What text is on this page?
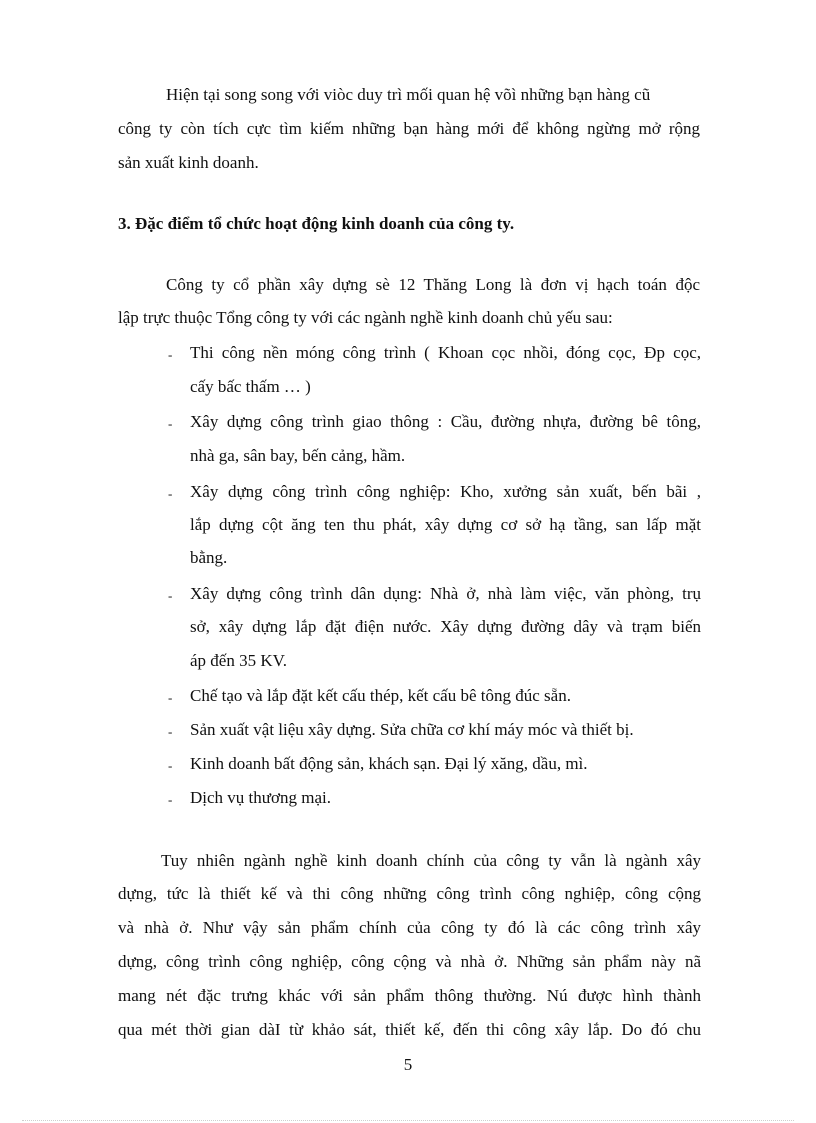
Hiện tại song song với viòc duy trì mối quan hệ võì những bạn hàng cũ
công ty còn tích cực tìm kiếm những bạn hàng mới để không ngừng mở rộng
sản xuất kinh doanh.
3. Đặc điểm tổ chức hoạt động kinh doanh của công ty.
Công ty cổ phần xây dựng sè 12 Thăng Long là đơn vị hạch toán độc
lập trực thuộc Tổng công ty với các ngành nghề kinh doanh chủ yếu sau:
- Thi công nền móng công trình ( Khoan cọc nhồi, đóng cọc, Đp cọc,
cấy bấc thấm … )
- Xây dựng công trình giao thông : Cầu, đường nhựa, đường bê tông,
nhà ga, sân bay, bến cảng, hầm.
- Xây dựng công trình công nghiệp: Kho, xưởng sản xuất, bến bãi ,
lắp dựng cột ăng ten thu phát, xây dựng cơ sở hạ tầng, san lấp mặt
bằng.
- Xây dựng công trình dân dụng: Nhà ở, nhà làm việc, văn phòng, trụ
sở, xây dựng lắp đặt điện nước. Xây dựng đường dây và trạm biến
áp đến 35 KV.
- Chế tạo và lắp đặt kết cấu thép, kết cấu bê tông đúc sẵn.
- Sản xuất vật liệu xây dựng. Sửa chữa cơ khí máy móc và thiết bị.
- Kinh doanh bất động sản, khách sạn. Đại lý xăng, dầu, mì.
- Dịch vụ thương mại.
Tuy nhiên ngành nghề kinh doanh chính của công ty vẫn là ngành xây
dựng, tức là thiết kế và thi công những công trình công nghiệp, công cộng
và nhà ở. Như vậy sản phẩm chính của công ty đó là các công trình xây
dựng, công trình công nghiệp, công cộng và nhà ở. Những sản phẩm này nã
mang nét đặc trưng khác với sản phẩm thông thường. Nú được hình thành
qua mét thời gian dàI từ khảo sát, thiết kế, đến thi công xây lắp. Do đó chu
5
